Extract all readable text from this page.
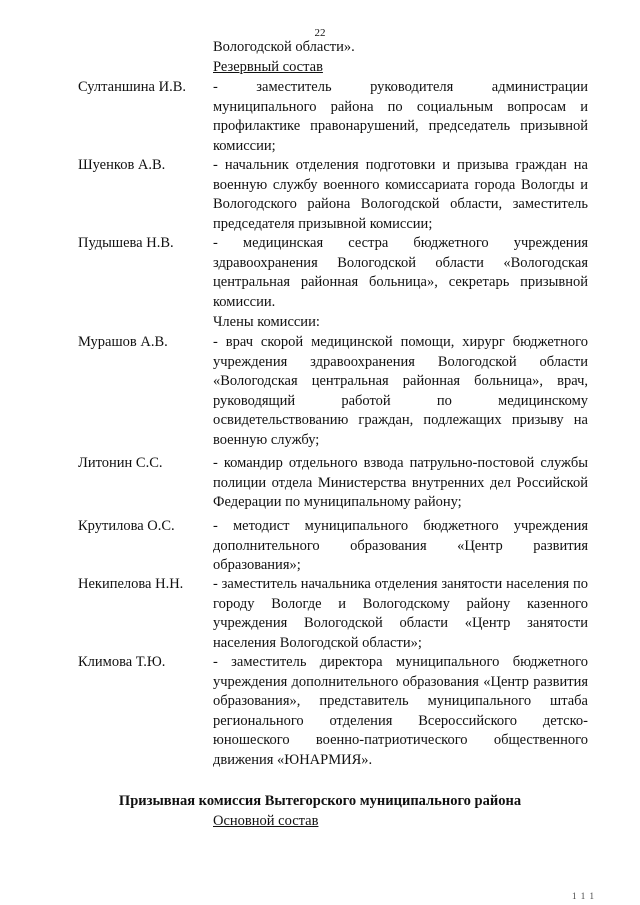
22
Вологодской области».
Резервный состав
Султаншина И.В. - заместитель руководителя администрации муниципального района по социальным вопросам и профилактике правонарушений, председатель призывной комиссии;
Шуенков А.В.	- начальник отделения подготовки и призыва граждан на военную службу военного комиссариата города Вологды и Вологодского района Вологодской области, заместитель председателя призывной комиссии;
Пудышева Н.В.	- медицинская сестра бюджетного учреждения здравоохранения Вологодской области «Вологодская центральная районная больница», секретарь призывной комиссии.
Члены комиссии:
Мурашов А.В.	- врач скорой медицинской помощи, хирург бюджетного учреждения здравоохранения Вологодской области «Вологодская центральная районная больница», врач, руководящий работой по медицинскому освидетельствованию граждан, подлежащих призыву на военную службу;
Литонин С.С.	- командир отдельного взвода патрульно-постовой службы полиции отдела Министерства внутренних дел Российской Федерации по муниципальному району;
Крутилова О.С.	- методист муниципального бюджетного учреждения дополнительного образования «Центр развития образования»;
Некипелова Н.Н. - заместитель начальника отделения занятости населения по городу Вологде и Вологодскому району казенного учреждения Вологодской области «Центр занятости населения Вологодской области»;
Климова Т.Ю.	- заместитель директора муниципального бюджетного учреждения дополнительного образования «Центр развития образования», представитель муниципального штаба регионального отделения Всероссийского детско-юношеского военно-патриотического общественного движения «ЮНАРМИЯ».
Призывная комиссия Вытегорского муниципального района
Основной состав
1 1 1
